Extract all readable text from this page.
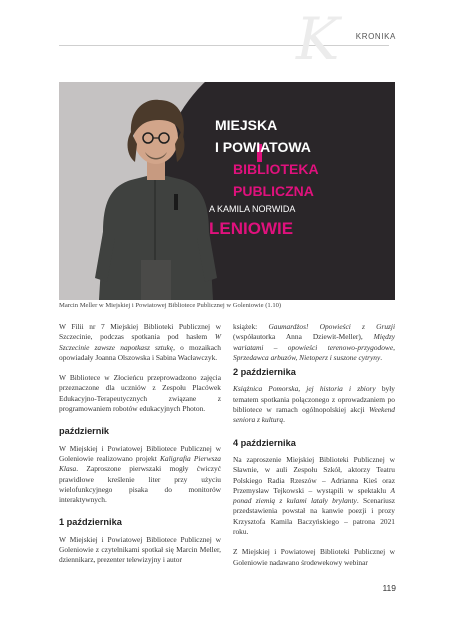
K KRONIKA
MIEJSKA
I POWIATOWA
BIBLIOTEKA
PUBLICZNA
A KAMILA NORWIDA
LENIOWIE
Marcin Meller w Miejskiej i Powiatowej Bibliotece Publicznej w Goleniowie (1.10)

W Filii nr 7 Miejskiej Biblioteki Publicznej w Szczecinie, podczas spotkania pod hasłem W Szczecinie zawsze napotkasz sztukę, o mozaikach opowiadały Joanna Olszowska i Sabina Wacławczyk.

W Bibliotece w Złocieńcu przeprowadzono zajęcia przeznaczone dla uczniów z Zespołu Placówek Edukacyjno-Terapeutycznych związane z programowaniem robotów edukacyjnych Photon.

październik

W Miejskiej i Powiatowej Bibliotece Publicznej w Goleniowie realizowano projekt Kaligrafia Pierwsza Klasa. Zaproszone pierwszaki mogły ćwiczyć prawidłowe kreślenie liter przy użyciu wielofunkcyjnego pisaka do monitorów interaktywnych.

1 października

W Miejskiej i Powiatowej Bibliotece Publicznej w Goleniowie z czytelnikami spotkał się Marcin Meller, dziennikarz, prezenter telewizyjny i autor

książek: Gaumardżos! Opowieści z Gruzji (współautorka Anna Dziewit-Meller), Między wariatami – opowieści terenowo-przygodowe, Sprzedawca arbuzów, Nietoperz i suszone cytryny.

2 października

Książnica Pomorska, jej historia i zbiory były tematem spotkania połączonego z oprowadzaniem po bibliotece w ramach ogólnopolskiej akcji Weekend seniora z kulturą.

4 października

Na zaproszenie Miejskiej Biblioteki Publicznej w Sławnie, w auli Zespołu Szkół, aktorzy Teatru Polskiego Radia Rzeszów – Adrianna Kieś oraz Przemysław Tejkowski – wystąpili w spektaklu A ponad ziemią z kulami latały brylanty. Scenariusz przedstawienia powstał na kanwie poezji i prozy Krzysztofa Kamila Baczyńskiego – patrona 2021 roku.

Z Miejskiej i Powiatowej Biblioteki Publicznej w Goleniowie nadawano środewekowy webinar

119
